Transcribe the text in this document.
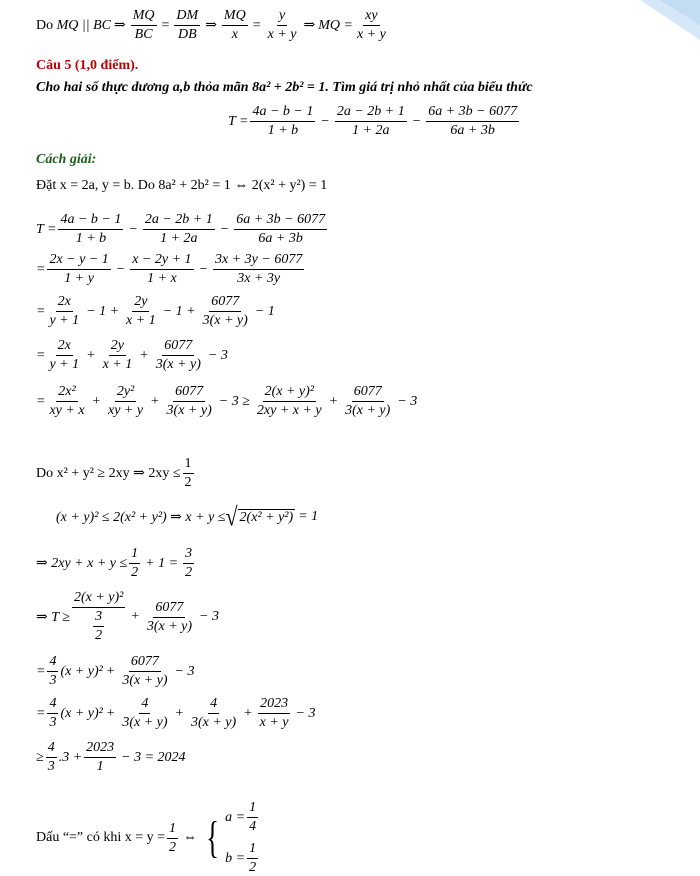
Do
MQ || BC ⇒ $\frac{MQ}{BC} = \frac{DM}{DB}$ ⇒ $\frac{MQ}{x} = \frac{y}{x + y}$ ⇒ MQ = $\frac{xy}{x + y}$
Câu 5 (1,0 điểm).
Cho hai số thực dương a,b thỏa mãn 8a² + 2b² = 1. Tìm giá trị nhỏ nhất của biểu thức
$T = \frac{4a - b - 1}{1 + b} - \frac{2a - 2b + 1}{1 + 2a} - \frac{6a + 3b - 6077}{6a + 3b}$
Cách giải:
Đặt x = 2a, y = b. Do 8a² + 2b² = 1 ⇔ 2(x² + y²) = 1
$T = \frac{4a - b - 1}{1 + b} - \frac{2a - 2b + 1}{1 + 2a} - \frac{6a + 3b - 6077}{6a + 3b}$
= $\frac{2x - y - 1}{1 + y} - \frac{x - 2y + 1}{1 + x} - \frac{3x + 3y - 6077}{3x + 3y}$
= $\frac{2x}{y + 1} - 1 + \frac{2y}{x + 1} - 1 + \frac{6077}{3(x + y)} - 1$
= $\frac{2x}{y + 1} + \frac{2y}{x + 1} + \frac{6077}{3(x + y)} - 3$
= $\frac{\text{2x²}}{xy + x} + \frac{\text{2y²}}{xy + y} + \frac{6077}{3(x + y)} - 3 \ge \frac{\text{2(x + y)²}}{2xy + x + y} + \frac{6077}{3(x + y)} - 3$
Do x² + y² ≥ 2xy ⇒ $2xy \le \frac{1}{2}$
(x + y)² ≤ 2(x² + y²) ⇒ x + y ≤ √ 2(x² + y²) = 1
⇒ $2xy + x + y \le \frac{1}{2} + 1 = \frac{3}{2}$
⇒ $T \ge \frac{\text{2(x + y)²}}{\frac{3}{2}} + \frac{6077}{3(x + y)} - 3$
= $\frac{4}{3} (x + y)^2 + \frac{6077}{3(x + y)} - 3$
= $\frac{4}{3} (x + y)^2 + \frac{4}{3(x + y)} + \frac{4}{3(x + y)} + \frac{2023}{x + y} - 3$
≥ $\frac{4}{3} .3 + \frac{2023}{1} - 3 = 2024$
Dấu “=” có khi $x = y = \frac{1}{2}$ ⇔ { $a = \frac{1}{4}$
$b = \frac{1}{2}$
